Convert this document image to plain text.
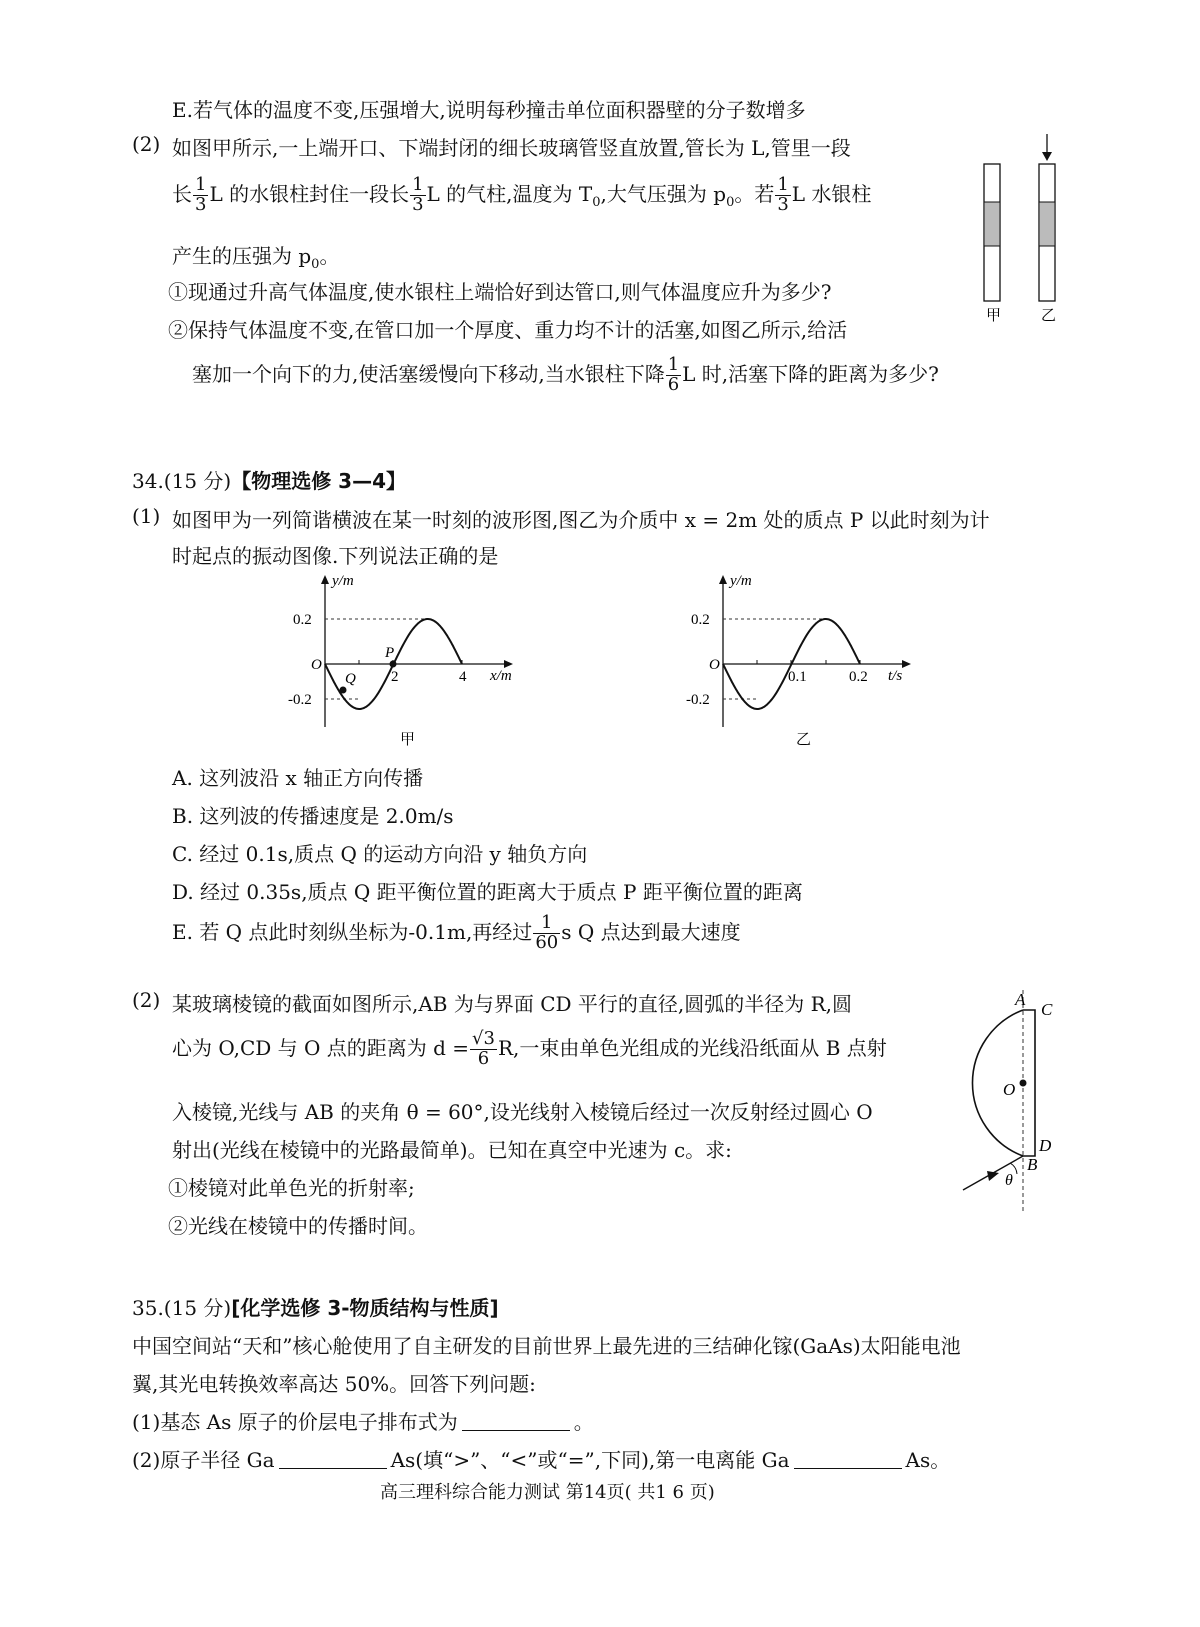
E.若气体的温度不变,压强增大,说明每秒撞击单位面积器壁的分子数增多
(2) 如图甲所示,一上端开口、下端封闭的细长玻璃管竖直放置,管长为 L,管里一段
长 $\frac{1}{3}$ L 的水银柱封住一段长 $\frac{1}{3}$ L 的气柱,温度为 $T_0$,大气压强为 $p_0$。若 $\frac{1}{3}$ L 水银柱
产生的压强为 $p_0$。
①现通过升高气体温度,使水银柱上端恰好到达管口,则气体温度应升为多少?
②保持气体温度不变,在管口加一个厚度、重力均不计的活塞,如图乙所示,给活
塞加一个向下的力,使活塞缓慢向下移动,当水银柱下降 $\frac{1}{6}$ L 时,活塞下降的距离为多少?
甲	乙
34.(15 分)【物理选修 3—4】
(1) 如图甲为一列简谐横波在某一时刻的波形图,图乙为介质中 x = 2m 处的质点 P 以此时刻为计
时起点的振动图像.下列说法正确的是
y/m
x/m
O
0.2
-0.2
2	4
P
Q
甲
y/m
t/s
O
0.2
-0.2
0.1	0.2
乙
A. 这列波沿 x 轴正方向传播
B. 这列波的传播速度是 2.0m/s
C. 经过 0.1s,质点 Q 的运动方向沿 y 轴负方向
D. 经过 0.35s,质点 Q 距平衡位置的距离大于质点 P 距平衡位置的距离
E. 若 Q 点此时刻纵坐标为-0.1m,再经过 $\frac{1}{60}$ s Q 点达到最大速度
(2) 某玻璃棱镜的截面如图所示,AB 为与界面 CD 平行的直径,圆弧的半径为 R,圆
心为 O,CD 与 O 点的距离为 $d = \frac{√3}{6} R$,一束由单色光组成的光线沿纸面从 B 点射
入棱镜,光线与 AB 的夹角 θ = 60°,设光线射入棱镜后经过一次反射经过圆心 O
射出(光线在棱镜中的光路最简单)。已知在真空中光速为 c。求:
①棱镜对此单色光的折射率;
②光线在棱镜中的传播时间。
A
C
O
D
B
θ
35.(15 分)[化学选修 3-物质结构与性质]
中国空间站“天和”核心舱使用了自主研发的目前世界上最先进的三结砷化镓(GaAs)太阳能电池
翼,其光电转换效率高达 50%。回答下列问题:
(1)基态 As 原子的价层电子排布式为	。
(2)原子半径 Ga	As(填“>”、“<”或“=”,下同),第一电离能 Ga	As。
高三理科综合能力测试 第14页( 共1 6 页)
